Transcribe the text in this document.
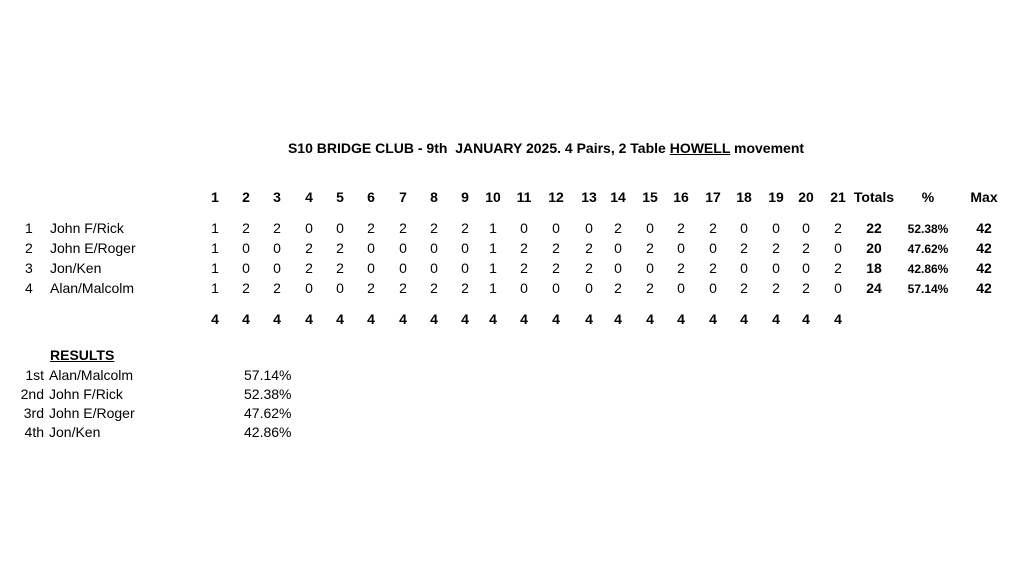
S10 BRIDGE CLUB - 9th  JANUARY 2025. 4 Pairs, 2 Table HOWELL movement
1 2 3 4 5 6 7 8 9 10 11 12 13 14 15 16 17 18 19 20 21 Totals %	Max
1 John F/Rick	1 2 2 0 0 2 2 2 2 1 0 0 0 2 0 2 2 0 0 0 2 22 52.38% 42
2 John E/Roger	1 0 0 2 2 0 0 0 0 1 2 2 2 0 2 0 0 2 2 2 0 20 47.62% 42
3 Jon/Ken	1 0 0 2 2 0 0 0 0 1 2 2 2 0 0 2 2 0 0 0 2 18 42.86% 42
4 Alan/Malcolm	1 2 2 0 0 2 2 2 2 1 0 0 0 2 2 0 0 2 2 2 0 24 57.14% 42
4 4 4 4 4 4 4 4 4 4 4 4 4 4 4 4 4 4 4 4 4
RESULTS
1st Alan/Malcolm	57.14%
2nd John F/Rick	52.38%
3rd John E/Roger	47.62%
4th Jon/Ken	42.86%
